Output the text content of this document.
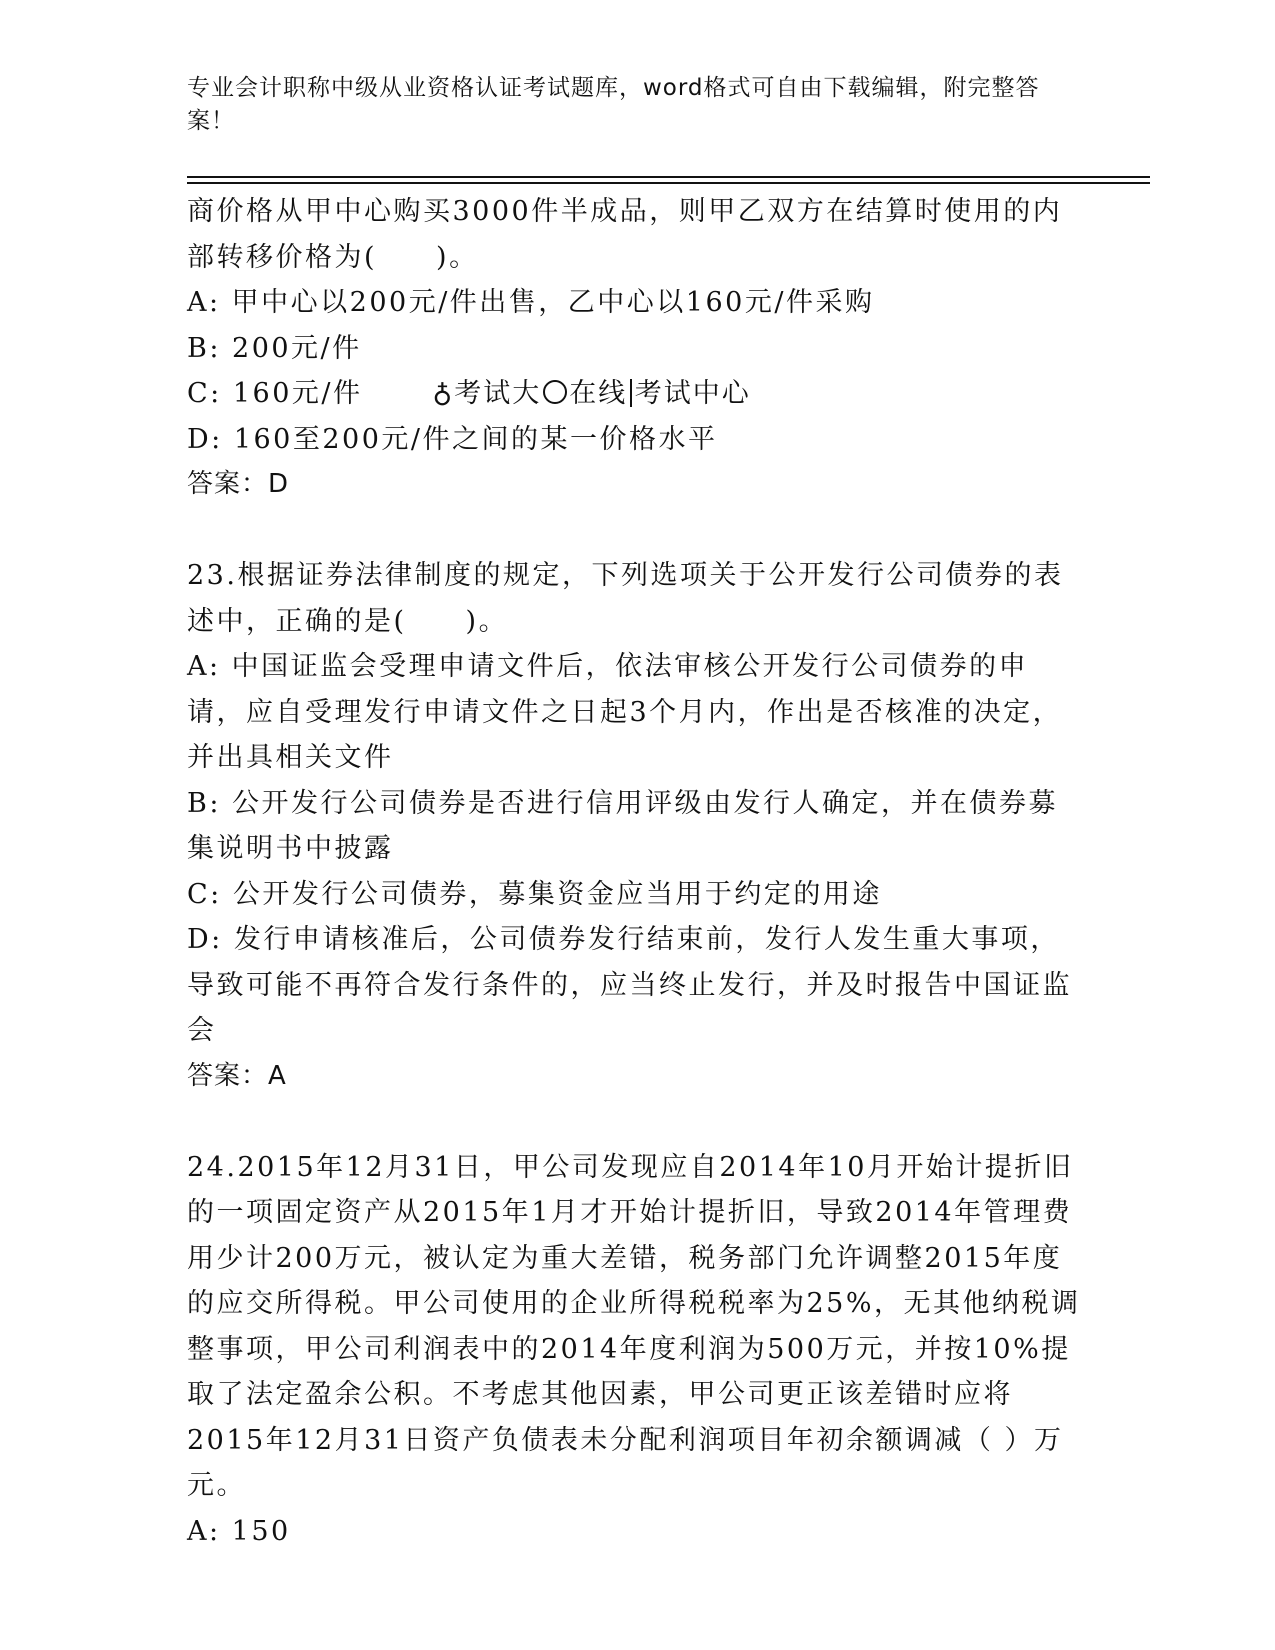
专业会计职称中级从业资格认证考试题库，word格式可自由下载编辑，附完整答案！

商价格从甲中心购买3000件半成品，则甲乙双方在结算时使用的内部转移价格为(　　)。

A: 甲中心以200元/件出售，乙中心以160元/件采购

B: 200元/件

C: 160元/件	♁考试大 在线 考试中心

D: 160至200元/件之间的某一价格水平

答案：D

23.根据证券法律制度的规定，下列选项关于公开发行公司债券的表述中，正确的是(　　)。

A: 中国证监会受理申请文件后，依法审核公开发行公司债券的申请，应自受理发行申请文件之日起3个月内，作出是否核准的决定，并出具相关文件

B: 公开发行公司债券是否进行信用评级由发行人确定，并在债券募集说明书中披露

C: 公开发行公司债券，募集资金应当用于约定的用途

D: 发行申请核准后，公司债券发行结束前，发行人发生重大事项，导致可能不再符合发行条件的，应当终止发行，并及时报告中国证监会

答案：A

24.2015年12月31日，甲公司发现应自2014年10月开始计提折旧的一项固定资产从2015年1月才开始计提折旧，导致2014年管理费用少计200万元，被认定为重大差错，税务部门允许调整2015年度的应交所得税。甲公司使用的企业所得税税率为25%，无其他纳税调整事项，甲公司利润表中的2014年度利润为500万元，并按10%提取了法定盈余公积。不考虑其他因素，甲公司更正该差错时应将2015年12月31日资产负债表未分配利润项目年初余额调减（ ）万元。

A: 150
